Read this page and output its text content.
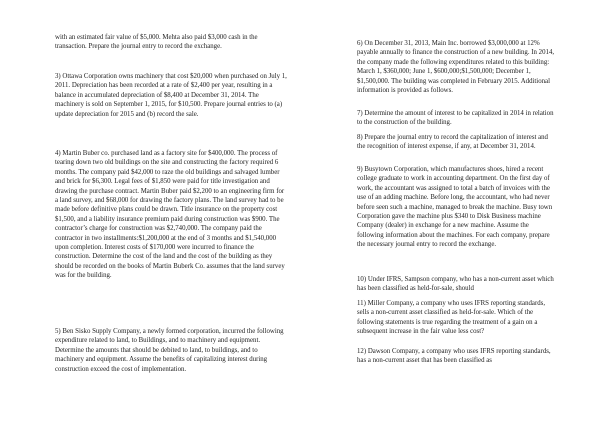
with an estimated fair value of $5,000. Mehta also paid $3,000 cash in the transaction. Prepare the journal entry to record the exchange.

3) Ottawa Corporation owns machinery that cost $20,000 when purchased on July 1, 2011. Depreciation has been recorded at a rate of $2,400 per year, resulting in a balance in accumulated depreciation of $8,400 at December 31, 2014. The machinery is sold on September 1, 2015, for $10,500. Prepare journal entries to (a) update depreciation for 2015 and (b) record the sale.

4) Martin Buber co. purchased land as a factory site for $400,000. The process of tearing down two old buildings on the site and constructing the factory required 6 months. The company paid $42,000 to raze the old buildings and salvaged lumber and brick for $6,300. Legal fees of $1,850 were paid for title investigation and drawing the purchase contract. Martin Buber paid $2,200 to an engineering firm for a land survey, and $68,000 for drawing the factory plans. The land survey had to be made before definitive plans could be drawn. Title insurance on the property cost $1,500, and a liability insurance premium paid during construction was $900. The contractor’s charge for construction was $2,740,000. The company paid the contractor in two installments:$1,200,000 at the end of 3 months and $1,540,000 upon completion. Interest costs of $170,000 were incurred to finance the construction. Determine the cost of the land and the cost of the building as they should be recorded on the books of Martin Buberk Co. assumes that the land survey was for the building.

5) Ben Sisko Supply Company, a newly formed corporation, incurred the following expenditure related to land, to Buildings, and to machinery and equipment. Determine the amounts that should be debited to land, to buildings, and to machinery and equipment. Assume the benefits of capitalizing interest during construction exceed the cost of implementation.

6) On December 31, 2013, Main Inc. borrowed $3,000,000 at 12% payable annually to finance the construction of a new building. In 2014, the company made the following expenditures related to this building: March 1, $360,000; June 1, $600,000;$1,500,000; December 1, $1,500,000. The building was completed in February 2015. Additional information is provided as follows.

7) Determine the amount of interest to be capitalized in 2014 in relation to the construction of the building.

8) Prepare the journal entry to record the capitalization of interest and the recognition of interest expense, if any, at December 31, 2014.

9) Busytown Corporation, which manufactures shoes, hired a recent college graduate to work in accounting department. On the first day of work, the accountant was assigned to total a batch of invoices with the use of an adding machine. Before long, the accountant, who had never before seen such a machine, managed to break the machine. Busy town Corporation gave the machine plus $340 to Disk Business machine Company (dealer) in exchange for a new machine. Assume the following information about the machines. For each company, prepare the necessary journal entry to record the exchange.

10) Under IFRS, Sampson company, who has a non-current asset which has been classified as held-for-sale, should

11) Miller Company, a company who uses IFRS reporting standards, sells a non-current asset classified as held-for-sale. Which of the following statements is true regarding the treatment of a gain on a subsequent increase in the fair value less cost?

12) Dawson Company, a company who uses IFRS reporting standards, has a non-current asset that has been classified as
